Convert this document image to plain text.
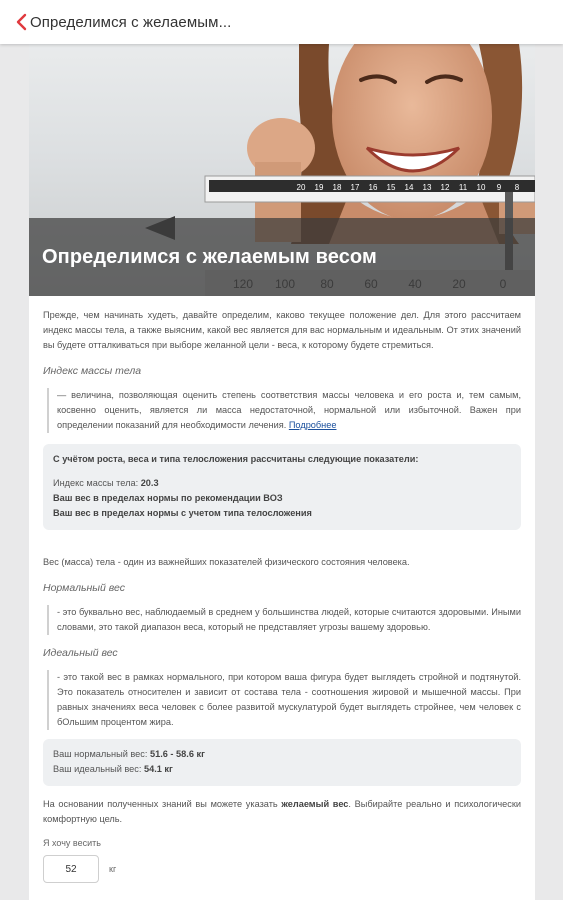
Определимся с желаемым...
20 19 18 17 16 15 14 13 12 11 10 9 8
Определимся с желаемым весом
Прежде, чем начинать худеть, давайте определим, каково текущее положение дел. Для этого рассчитаем индекс массы тела, а также выясним, какой вес является для вас нормальным и идеальным. От этих значений вы будете отталкиваться при выборе желанной цели - веса, к которому будете стремиться.
Индекс массы тела
— величина, позволяющая оценить степень соответствия массы человека и его роста и, тем самым, косвенно оценить, является ли масса недостаточной, нормальной или избыточной. Важен при определении показаний для необходимости лечения. Подробнее
С учётом роста, веса и типа телосложения рассчитаны следующие показатели:
Индекс массы тела: 20.3
Ваш вес в пределах нормы по рекомендации ВОЗ
Ваш вес в пределах нормы с учетом типа телосложения
Вес (масса) тела - один из важнейших показателей физического состояния человека.
Нормальный вес
- это буквально вес, наблюдаемый в среднем у большинства людей, которые считаются здоровыми. Иными словами, это такой диапазон веса, который не представляет угрозы вашему здоровью.
Идеальный вес
- это такой вес в рамках нормального, при котором ваша фигура будет выглядеть стройной и подтянутой. Это показатель относителен и зависит от состава тела - соотношения жировой и мышечной массы. При равных значениях веса человек с более развитой мускулатурой будет выглядеть стройнее, чем человек с бОльшим процентом жира.
Ваш нормальный вес: 51.6 - 58.6 кг
Ваш идеальный вес: 54.1 кг
На основании полученных знаний вы можете указать желаемый вес. Выбирайте реально и психологически комфортную цель.
Я хочу весить
52
кг
